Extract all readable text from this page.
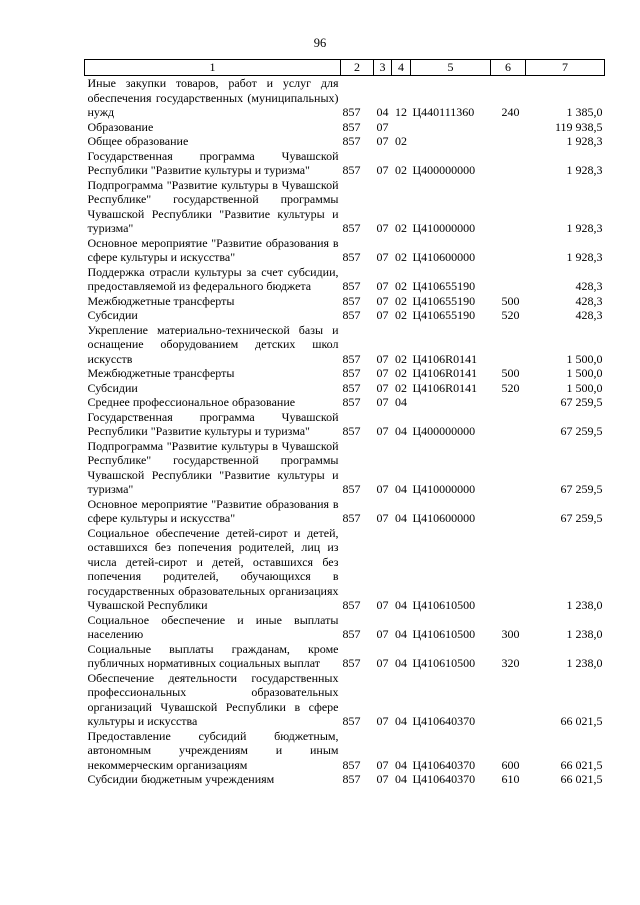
96
1	2	3	4	5	6	7
Иные закупки товаров, работ и услуг для обеспечения государственных (муниципальных) нужд	857	04	12	Ц440111360	240	1 385,0
Образование	857	07				119 938,5
Общее образование	857	07	02			1 928,3
Государственная программа Чувашской Республики "Развитие культуры и туризма"	857	07	02	Ц400000000		1 928,3
Подпрограмма "Развитие культуры в Чувашской Республике" государственной программы Чувашской Республики "Развитие культуры и туризма"	857	07	02	Ц410000000		1 928,3
Основное мероприятие "Развитие образования в сфере культуры и искусства"	857	07	02	Ц410600000		1 928,3
Поддержка отрасли культуры за счет субсидии, предоставляемой из федерального бюджета	857	07	02	Ц410655190		428,3
Межбюджетные трансферты	857	07	02	Ц410655190	500	428,3
Субсидии	857	07	02	Ц410655190	520	428,3
Укрепление материально-технической базы и оснащение оборудованием детских школ искусств	857	07	02	Ц4106R0141		1 500,0
Межбюджетные трансферты	857	07	02	Ц4106R0141	500	1 500,0
Субсидии	857	07	02	Ц4106R0141	520	1 500,0
Среднее профессиональное образование	857	07	04			67 259,5
Государственная программа Чувашской Республики "Развитие культуры и туризма"	857	07	04	Ц400000000		67 259,5
Подпрограмма "Развитие культуры в Чувашской Республике" государственной программы Чувашской Республики "Развитие культуры и туризма"	857	07	04	Ц410000000		67 259,5
Основное мероприятие "Развитие образования в сфере культуры и искусства"	857	07	04	Ц410600000		67 259,5
Социальное обеспечение детей-сирот и детей, оставшихся без попечения родителей, лиц из числа детей-сирот и детей, оставшихся без попечения родителей, обучающихся в государственных образовательных организациях Чувашской Республики	857	07	04	Ц410610500		1 238,0
Социальное обеспечение и иные выплаты населению	857	07	04	Ц410610500	300	1 238,0
Социальные выплаты гражданам, кроме публичных нормативных социальных выплат	857	07	04	Ц410610500	320	1 238,0
Обеспечение деятельности государственных профессиональных образовательных организаций Чувашской Республики в сфере культуры и искусства	857	07	04	Ц410640370		66 021,5
Предоставление субсидий бюджетным, автономным учреждениям и иным некоммерческим организациям	857	07	04	Ц410640370	600	66 021,5
Субсидии бюджетным учреждениям	857	07	04	Ц410640370	610	66 021,5
